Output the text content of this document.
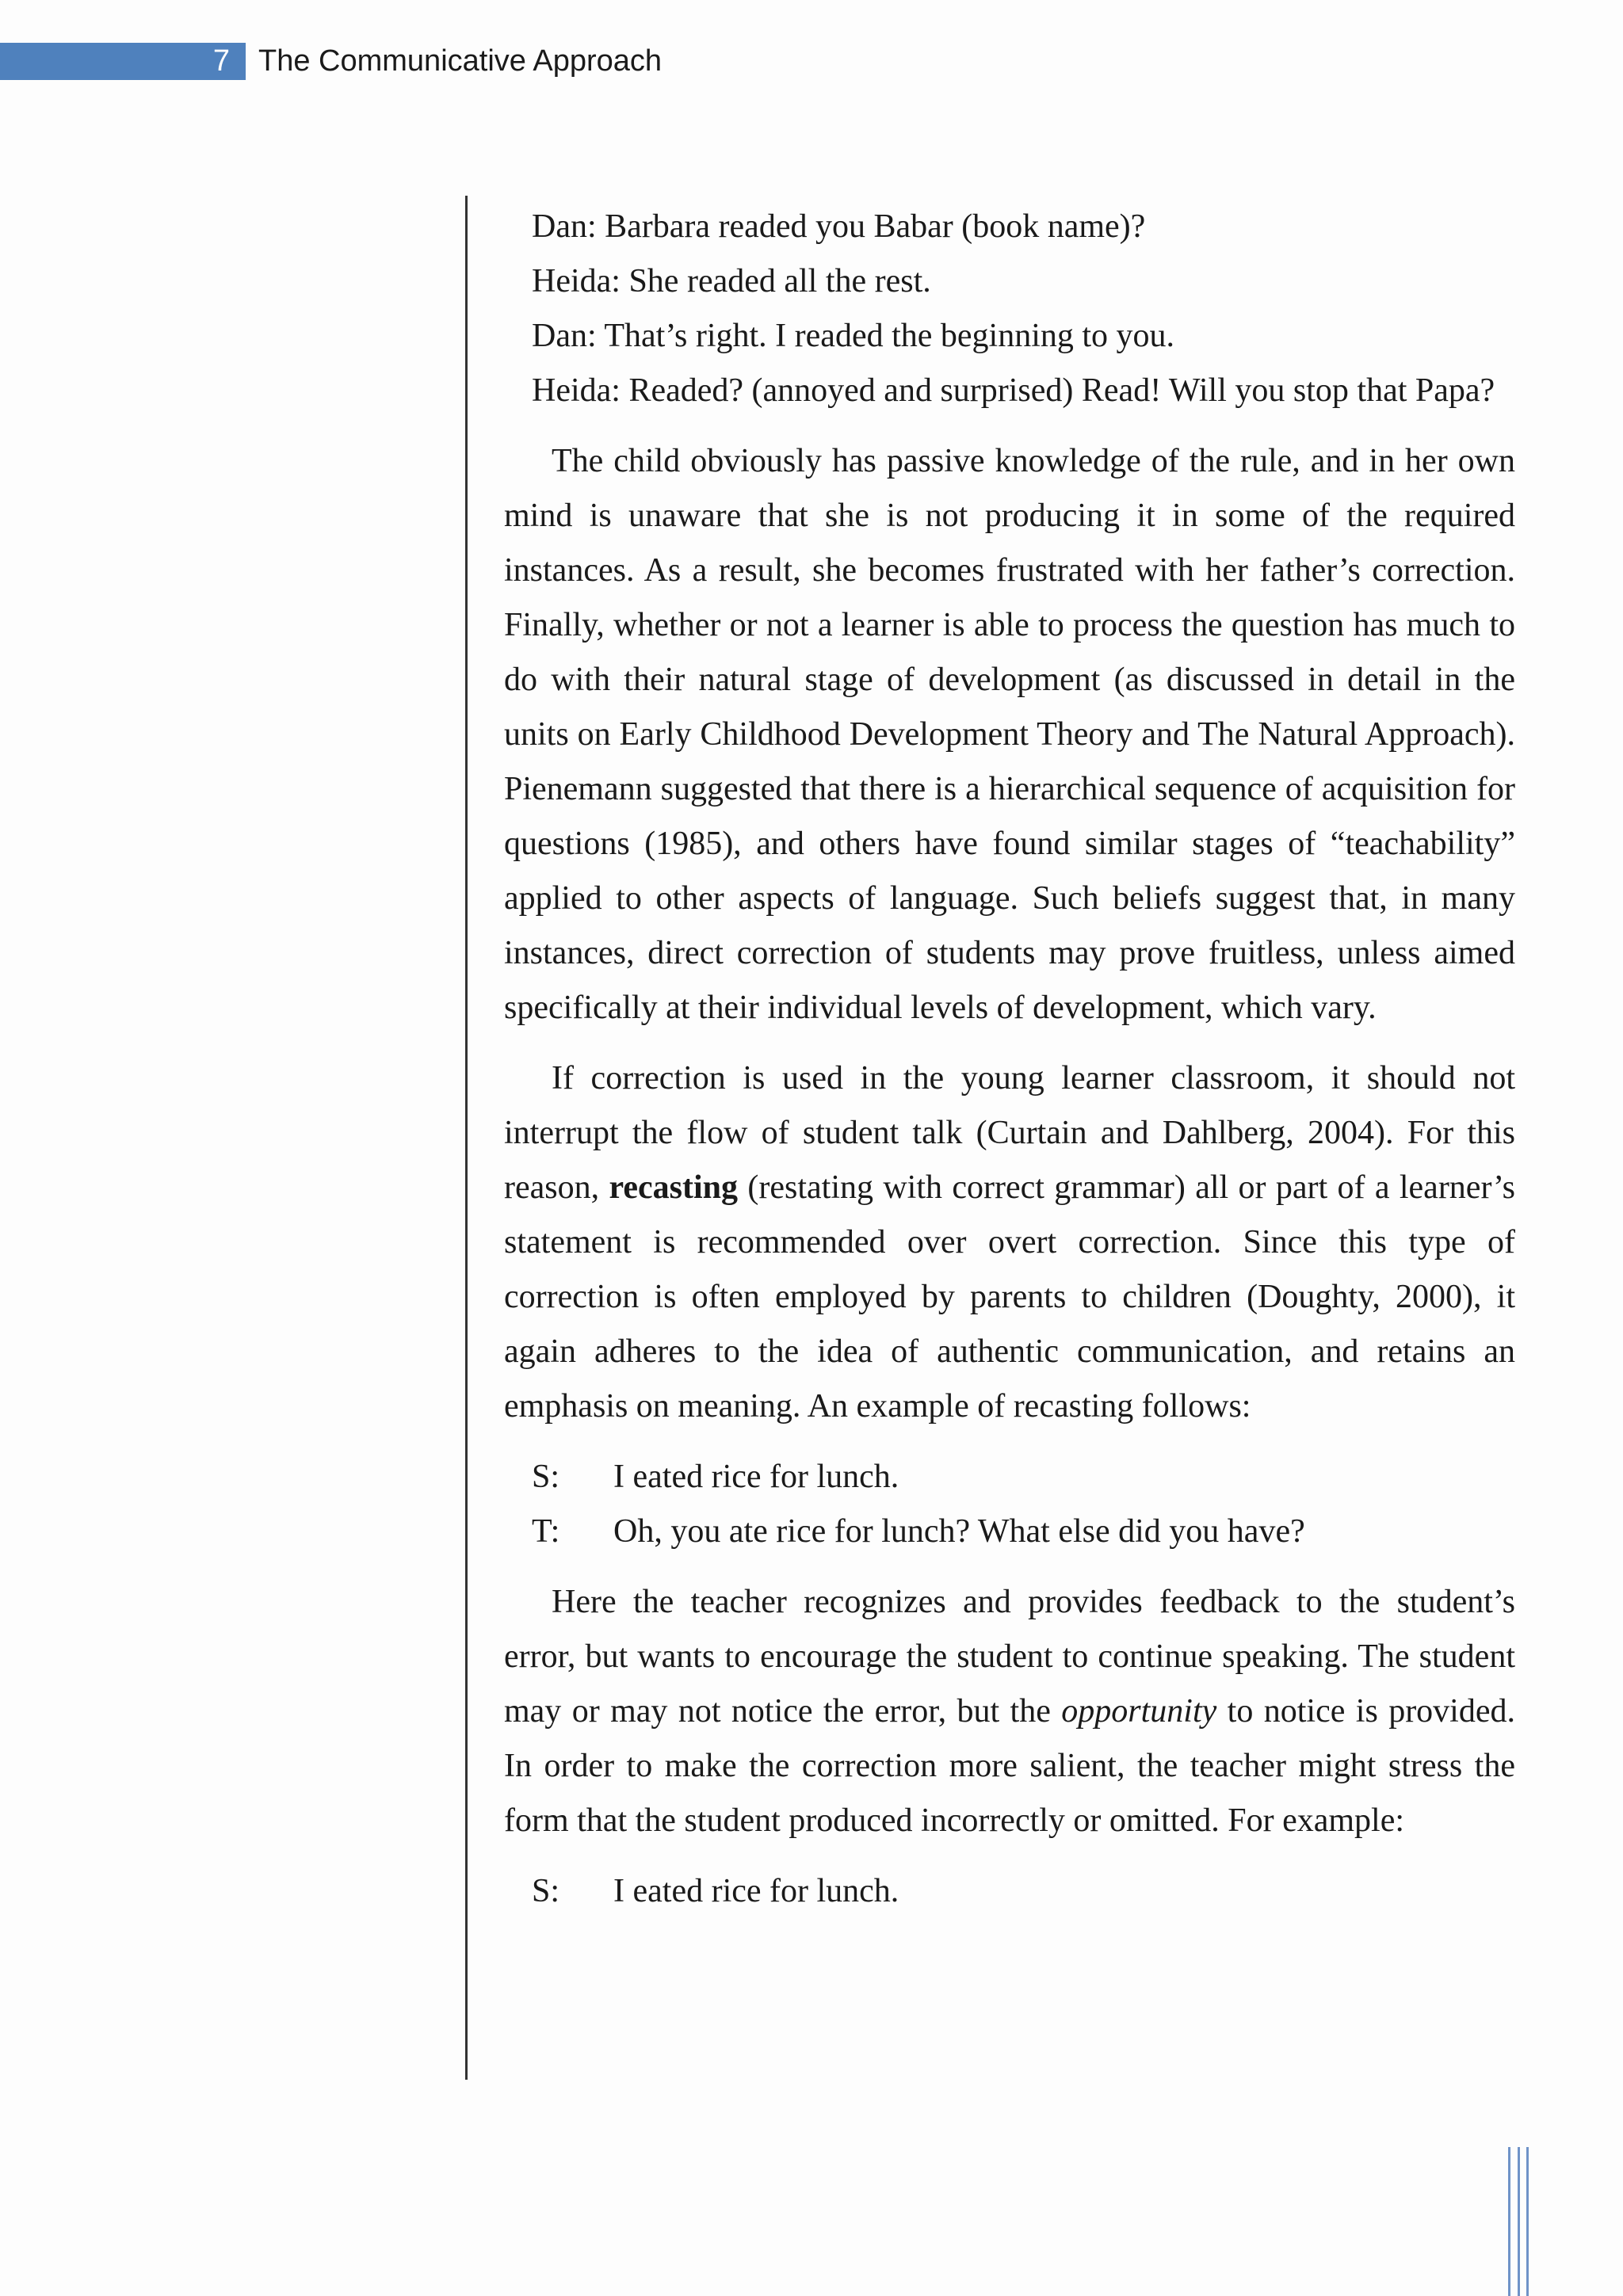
7 The Communicative Approach

Dan: Barbara readed you Babar (book name)?

Heida: She readed all the rest.

Dan: That’s right. I readed the beginning to you.

Heida: Readed? (annoyed and surprised) Read! Will you stop that Papa?

The child obviously has passive knowledge of the rule, and in her own mind is unaware that she is not producing it in some of the required instances. As a result, she becomes frustrated with her father’s correction. Finally, whether or not a learner is able to process the question has much to do with their natural stage of development (as discussed in detail in the units on Early Childhood Development Theory and The Natural Approach). Pienemann suggested that there is a hierarchical sequence of acquisition for questions (1985), and others have found similar stages of “teachability” applied to other aspects of language. Such beliefs suggest that, in many instances, direct correction of students may prove fruitless, unless aimed specifically at their individual levels of development, which vary.

If correction is used in the young learner classroom, it should not interrupt the flow of student talk (Curtain and Dahlberg, 2004). For this reason, recasting (restating with correct grammar) all or part of a learner’s statement is recommended over overt correction. Since this type of correction is often employed by parents to children (Doughty, 2000), it again adheres to the idea of authentic communication, and retains an emphasis on meaning. An example of recasting follows:

S:	I eated rice for lunch.
T:	Oh, you ate rice for lunch? What else did you have?

Here the teacher recognizes and provides feedback to the student’s error, but wants to encourage the student to continue speaking. The student may or may not notice the error, but the opportunity to notice is provided. In order to make the correction more salient, the teacher might stress the form that the student produced incorrectly or omitted. For example:

S:	I eated rice for lunch.
